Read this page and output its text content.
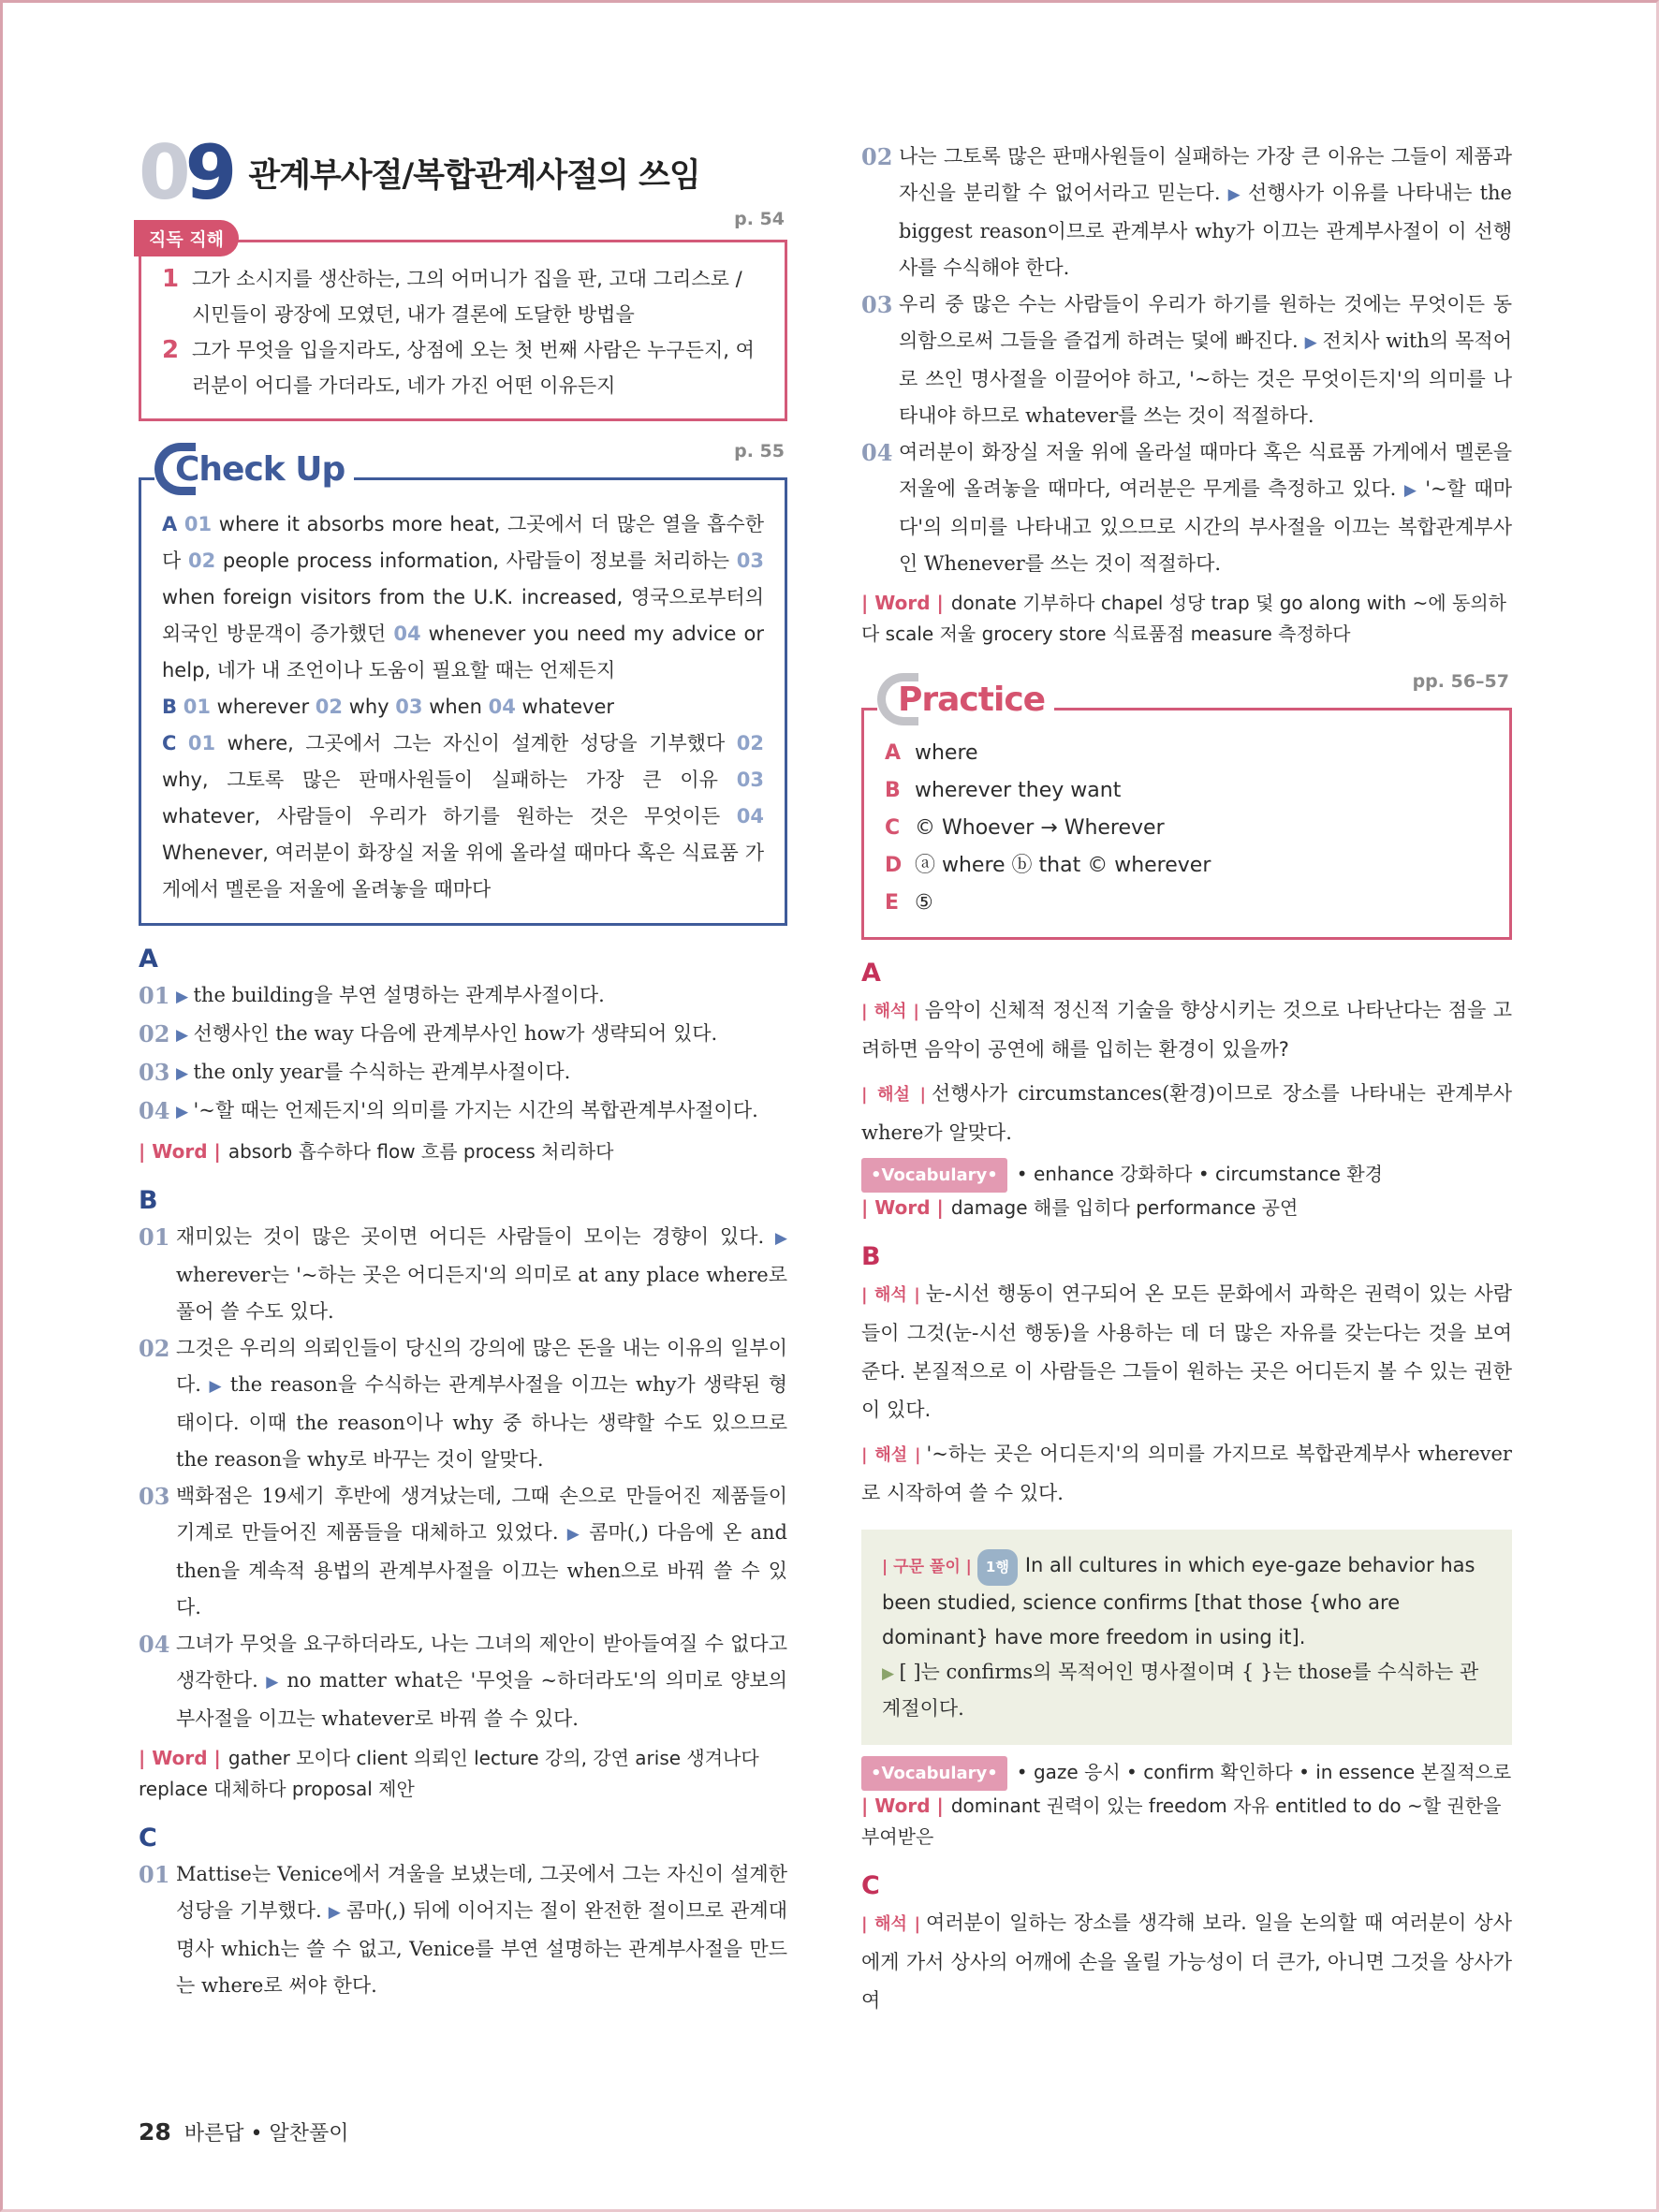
09 관계부사절/복합관계사절의 쓰임
직독 직해
p. 54
1 그가 소시지를 생산하는, 그의 어머니가 집을 판, 고대 그리스로 / 시민들이 광장에 모였던, 내가 결론에 도달한 방법을
2 그가 무엇을 입을지라도, 상점에 오는 첫 번째 사람은 누구든지, 여러분이 어디를 가더라도, 네가 가진 어떤 이유든지
Check Up	p. 55

A 01 where it absorbs more heat, 그곳에서 더 많은 열을 흡수한다 02 people process information, 사람들이 정보를 처리하는 03 when foreign visitors from the U.K. increased, 영국으로부터의 외국인 방문객이 증가했던 04 whenever you need my advice or help, 네가 내 조언이나 도움이 필요할 때는 언제든지
B 01 wherever 02 why 03 when 04 whatever
C 01 where, 그곳에서 그는 자신이 설계한 성당을 기부했다 02 why, 그토록 많은 판매사원들이 실패하는 가장 큰 이유 03 whatever, 사람들이 우리가 하기를 원하는 것은 무엇이든 04 Whenever, 여러분이 화장실 저울 위에 올라설 때마다 혹은 식료품 가게에서 멜론을 저울에 올려놓을 때마다

A
01 ▶ the building을 부연 설명하는 관계부사절이다.
02 ▶ 선행사인 the way 다음에 관계부사인 how가 생략되어 있다.
03 ▶ the only year를 수식하는 관계부사절이다.
04 ▶ '~할 때는 언제든지'의 의미를 가지는 시간의 복합관계부사절이다.
| Word | absorb 흡수하다 flow 흐름 process 처리하다
B
01 재미있는 것이 많은 곳이면 어디든 사람들이 모이는 경향이 있다. ▶ wherever는 '~하는 곳은 어디든지'의 의미로 at any place where로 풀어 쓸 수도 있다.
02 그것은 우리의 의뢰인들이 당신의 강의에 많은 돈을 내는 이유의 일부이다. ▶ the reason을 수식하는 관계부사절을 이끄는 why가 생략된 형태이다. 이때 the reason이나 why 중 하나는 생략할 수도 있으므로 the reason을 why로 바꾸는 것이 알맞다.
03 백화점은 19세기 후반에 생겨났는데, 그때 손으로 만들어진 제품들이 기계로 만들어진 제품들을 대체하고 있었다. ▶ 콤마(,) 다음에 온 and then을 계속적 용법의 관계부사절을 이끄는 when으로 바꿔 쓸 수 있다.
04 그녀가 무엇을 요구하더라도, 나는 그녀의 제안이 받아들여질 수 없다고 생각한다. ▶ no matter what은 '무엇을 ~하더라도'의 의미로 양보의 부사절을 이끄는 whatever로 바꿔 쓸 수 있다.
| Word | gather 모이다 client 의뢰인 lecture 강의, 강연 arise 생겨나다 replace 대체하다 proposal 제안
C
01 Mattise는 Venice에서 겨울을 보냈는데, 그곳에서 그는 자신이 설계한 성당을 기부했다. ▶ 콤마(,) 뒤에 이어지는 절이 완전한 절이므로 관계대명사 which는 쓸 수 없고, Venice를 부연 설명하는 관계부사절을 만드는 where로 써야 한다.
02 나는 그토록 많은 판매사원들이 실패하는 가장 큰 이유는 그들이 제품과 자신을 분리할 수 없어서라고 믿는다. ▶ 선행사가 이유를 나타내는 the biggest reason이므로 관계부사 why가 이끄는 관계부사절이 이 선행사를 수식해야 한다.
03 우리 중 많은 수는 사람들이 우리가 하기를 원하는 것에는 무엇이든 동의함으로써 그들을 즐겁게 하려는 덫에 빠진다. ▶ 전치사 with의 목적어로 쓰인 명사절을 이끌어야 하고, '~하는 것은 무엇이든지'의 의미를 나타내야 하므로 whatever를 쓰는 것이 적절하다.
04 여러분이 화장실 저울 위에 올라설 때마다 혹은 식료품 가게에서 멜론을 저울에 올려놓을 때마다, 여러분은 무게를 측정하고 있다. ▶ '~할 때마다'의 의미를 나타내고 있으므로 시간의 부사절을 이끄는 복합관계부사인 Whenever를 쓰는 것이 적절하다.
| Word | donate 기부하다 chapel 성당 trap 덫 go along with ~에 동의하다 scale 저울 grocery store 식료품점 measure 측정하다
Practice	pp. 56–57
A where
B wherever they want
C © Whoever → Wherever
D ⓐ where ⓑ that © wherever
E ⑤
A

| 해석 | 음악이 신체적 정신적 기술을 향상시키는 것으로 나타난다는 점을 고려하면 음악이 공연에 해를 입히는 환경이 있을까?

| 해설 | 선행사가 circumstances(환경)이므로 장소를 나타내는 관계부사 where가 알맞다.

•Vocabulary• • enhance 강화하다 • circumstance 환경
| Word | damage 해를 입히다 performance 공연
B

| 해석 | 눈-시선 행동이 연구되어 온 모든 문화에서 과학은 권력이 있는 사람들이 그것(눈-시선 행동)을 사용하는 데 더 많은 자유를 갖는다는 것을 보여 준다. 본질적으로 이 사람들은 그들이 원하는 곳은 어디든지 볼 수 있는 권한이 있다.

| 해설 | '~하는 곳은 어디든지'의 의미를 가지므로 복합관계부사 wherever로 시작하여 쓸 수 있다.

| 구문 풀이 | 1행 In all cultures in which eye-gaze behavior has been studied, science confirms [that those {who are dominant} have more freedom in using it].
▶ [ ]는 confirms의 목적어인 명사절이며 { }는 those를 수식하는 관계절이다.
•Vocabulary• • gaze 응시 • confirm 확인하다 • in essence 본질적으로
| Word | dominant 권력이 있는 freedom 자유 entitled to do ~할 권한을 부여받은
C

| 해석 | 여러분이 일하는 장소를 생각해 보라. 일을 논의할 때 여러분이 상사에게 가서 상사의 어깨에 손을 올릴 가능성이 더 큰가, 아니면 그것을 상사가 여

28 바른답 • 알찬풀이
